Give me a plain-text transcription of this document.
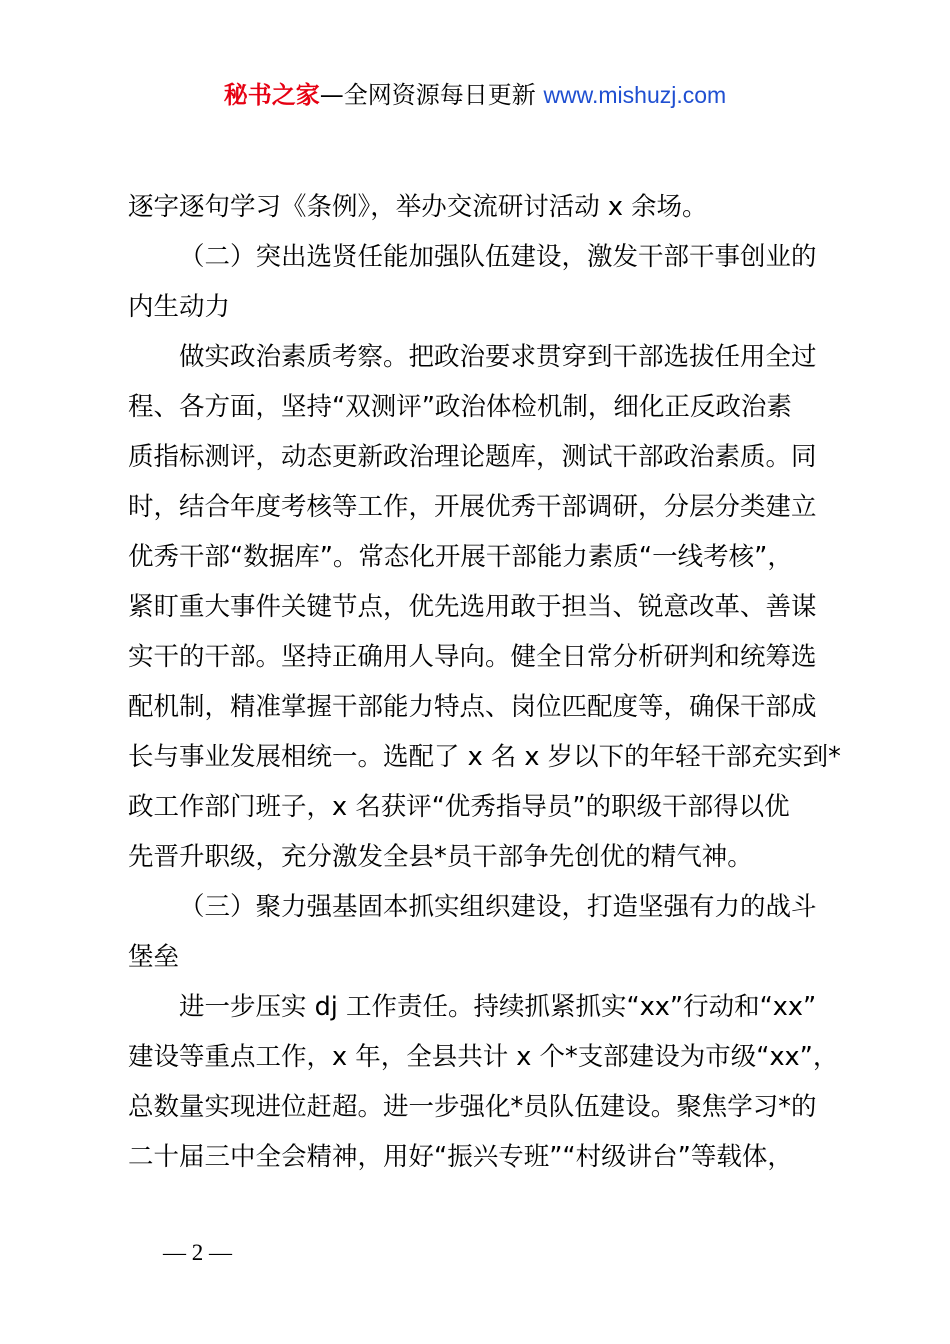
秘书之家—全网资源每日更新 www.mishuzj.com
逐字逐句学习《条例》，举办交流研讨活动 x 余场。
（二）突出选贤任能加强队伍建设，激发干部干事创业的
内生动力
做实政治素质考察。把政治要求贯穿到干部选拔任用全过
程、各方面，坚持“双测评”政治体检机制，细化正反政治素
质指标测评，动态更新政治理论题库，测试干部政治素质。同
时，结合年度考核等工作，开展优秀干部调研，分层分类建立
优秀干部“数据库”。常态化开展干部能力素质“一线考核”，
紧盯重大事件关键节点，优先选用敢于担当、锐意改革、善谋
实干的干部。坚持正确用人导向。健全日常分析研判和统筹选
配机制，精准掌握干部能力特点、岗位匹配度等，确保干部成
长与事业发展相统一。选配了 x 名 x 岁以下的年轻干部充实到*
政工作部门班子，x 名获评“优秀指导员”的职级干部得以优
先晋升职级，充分激发全县*员干部争先创优的精气神。
（三）聚力强基固本抓实组织建设，打造坚强有力的战斗
堡垒
进一步压实 dj 工作责任。持续抓紧抓实“xx”行动和“xx”
建设等重点工作，x 年，全县共计 x 个*支部建设为市级“xx”，
总数量实现进位赶超。进一步强化*员队伍建设。聚焦学习*的
二十届三中全会精神，用好“振兴专班”“村级讲台”等载体，
— 2 —
